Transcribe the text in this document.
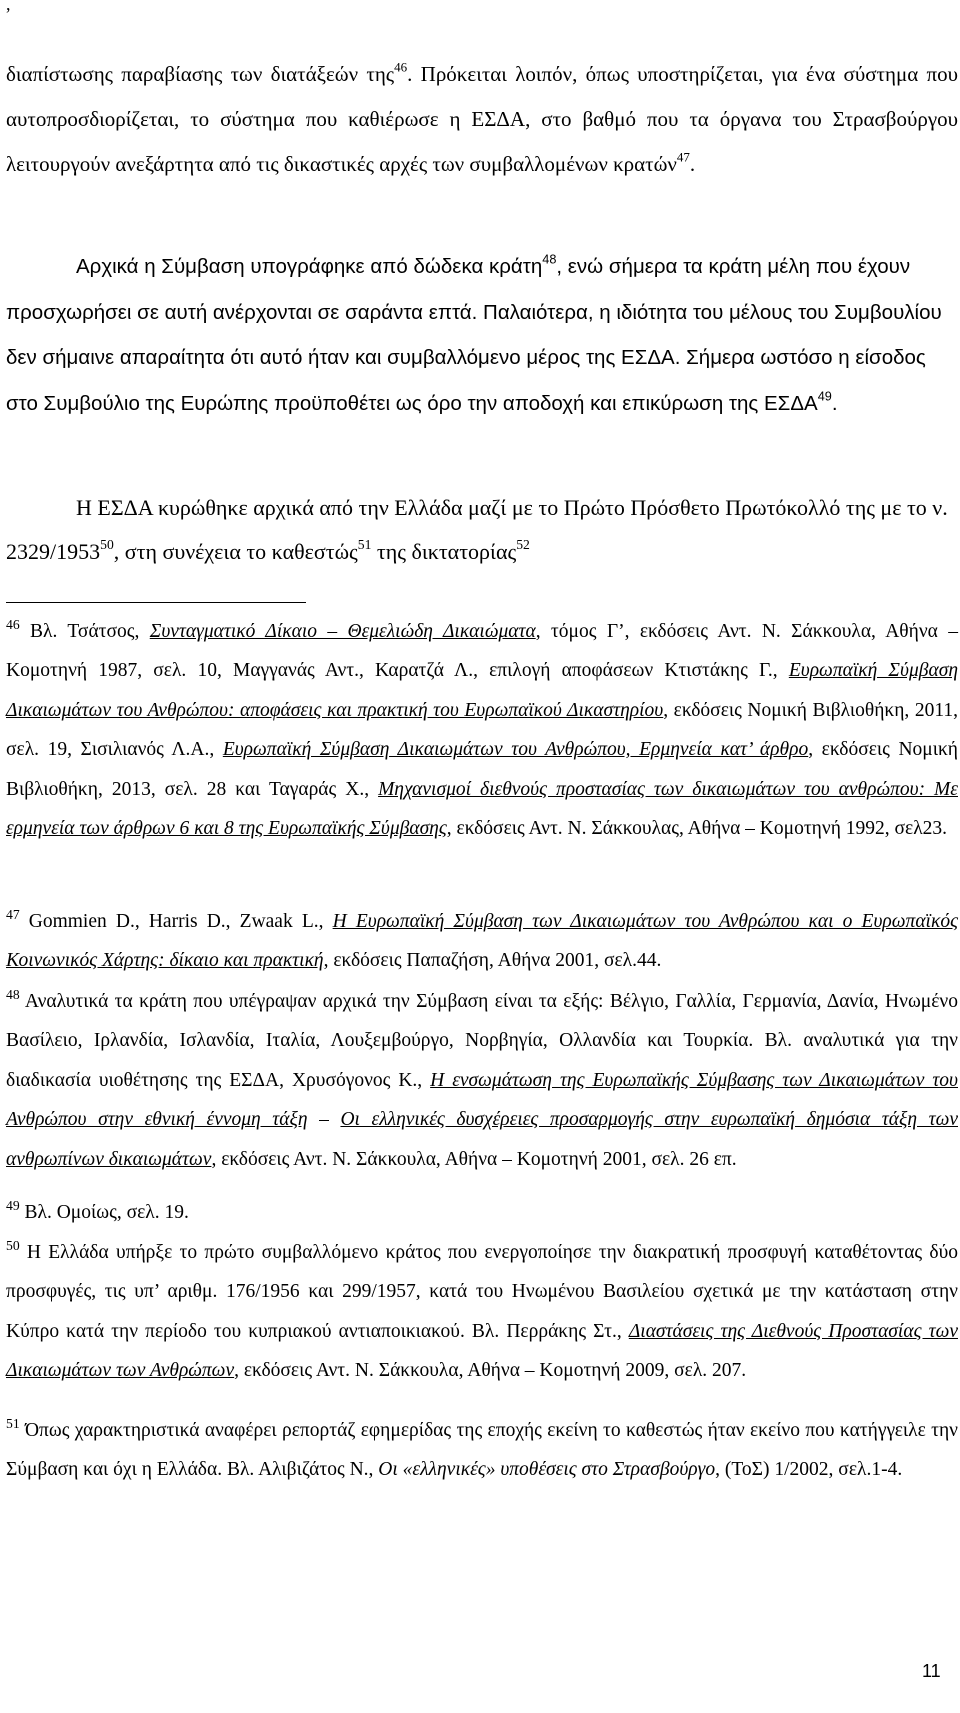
,

διαπίστωσης παραβίασης των διατάξεών της$^{46}$. Πρόκειται λοιπόν, όπως υποστηρίζεται, για ένα σύστημα που αυτοπροσδιορίζεται, το σύστημα που καθιέρωσε η ΕΣΔΑ, στο βαθμό που τα όργανα του Στρασβούργου λειτουργούν ανεξάρτητα από τις δικαστικές αρχές των συμβαλλομένων κρατών$^{47}$.

Αρχικά η Σύμβαση υπογράφηκε από δώδεκα κράτη$^{48}$, ενώ σήμερα τα κράτη μέλη που έχουν προσχωρήσει σε αυτή ανέρχονται σε σαράντα επτά. Παλαιότερα, η ιδιότητα του μέλους του Συμβουλίου δεν σήμαινε απαραίτητα ότι αυτό ήταν και συμβαλλόμενο μέρος της ΕΣΔΑ. Σήμερα ωστόσο η είσοδος στο Συμβούλιο της Ευρώπης προϋποθέτει ως όρο την αποδοχή και επικύρωση της ΕΣΔΑ$^{49}$.

Η ΕΣΔΑ κυρώθηκε αρχικά από την Ελλάδα μαζί με το Πρώτο Πρόσθετο Πρωτόκολλό της με το ν. 2329/1953$^{50}$, στη συνέχεια το καθεστώς$^{51}$ της δικτατορίας$^{52}$

$^{46}$ Βλ. Τσάτσος, Συνταγματικό Δίκαιο – Θεμελιώδη Δικαιώματα, τόμος Γ’, εκδόσεις Αντ. Ν. Σάκκουλα, Αθήνα – Κομοτηνή 1987, σελ. 10, Μαγγανάς Αντ., Καρατζά Λ., επιλογή αποφάσεων Κτιστάκης Γ., Ευρωπαϊκή Σύμβαση Δικαιωμάτων του Ανθρώπου: αποφάσεις και πρακτική του Ευρωπαϊκού Δικαστηρίου, εκδόσεις Νομική Βιβλιοθήκη, 2011, σελ. 19, Σισιλιανός Λ.Α., Ευρωπαϊκή Σύμβαση Δικαιωμάτων του Ανθρώπου, Ερμηνεία κατ’ άρθρο, εκδόσεις Νομική Βιβλιοθήκη, 2013, σελ. 28 και Ταγαράς Χ., Μηχανισμοί διεθνούς προστασίας των δικαιωμάτων του ανθρώπου: Με ερμηνεία των άρθρων 6 και 8 της Ευρωπαϊκής Σύμβασης, εκδόσεις Αντ. Ν. Σάκκουλας, Αθήνα – Κομοτηνή 1992, σελ23.

$^{47}$ Gommien D., Harris D., Zwaak L., Η Ευρωπαϊκή Σύμβαση των Δικαιωμάτων του Ανθρώπου και ο Ευρωπαϊκός Κοινωνικός Χάρτης: δίκαιο και πρακτική, εκδόσεις Παπαζήση, Αθήνα 2001, σελ.44.

$^{48}$ Αναλυτικά τα κράτη που υπέγραψαν αρχικά την Σύμβαση είναι τα εξής: Βέλγιο, Γαλλία, Γερμανία, Δανία, Ηνωμένο Βασίλειο, Ιρλανδία, Ισλανδία, Ιταλία, Λουξεμβούργο, Νορβηγία, Ολλανδία και Τουρκία. Βλ. αναλυτικά για την διαδικασία υιοθέτησης της ΕΣΔΑ, Χρυσόγονος Κ., Η ενσωμάτωση της Ευρωπαϊκής Σύμβασης των Δικαιωμάτων του Ανθρώπου στην εθνική έννομη τάξη – Οι ελληνικές δυσχέρειες προσαρμογής στην ευρωπαϊκή δημόσια τάξη των ανθρωπίνων δικαιωμάτων, εκδόσεις Αντ. Ν. Σάκκουλα, Αθήνα – Κομοτηνή 2001, σελ. 26 επ.

$^{49}$ Βλ. Ομοίως, σελ. 19.

$^{50}$ Η Ελλάδα υπήρξε το πρώτο συμβαλλόμενο κράτος που ενεργοποίησε την διακρατική προσφυγή καταθέτοντας δύο προσφυγές, τις υπ’ αριθμ. 176/1956 και 299/1957, κατά του Ηνωμένου Βασιλείου σχετικά με την κατάσταση στην Κύπρο κατά την περίοδο του κυπριακού αντιαποικιακού. Βλ. Περράκης Στ., Διαστάσεις της Διεθνούς Προστασίας των Δικαιωμάτων των Ανθρώπων, εκδόσεις Αντ. Ν. Σάκκουλα, Αθήνα – Κομοτηνή 2009, σελ. 207.

$^{51}$ Όπως χαρακτηριστικά αναφέρει ρεπορτάζ εφημερίδας της εποχής εκείνη το καθεστώς ήταν εκείνο που κατήγγειλε την Σύμβαση και όχι η Ελλάδα. Βλ. Αλιβιζάτος Ν., Οι «ελληνικές» υποθέσεις στο Στρασβούργο, (ΤοΣ) 1/2002, σελ.1-4.

11
